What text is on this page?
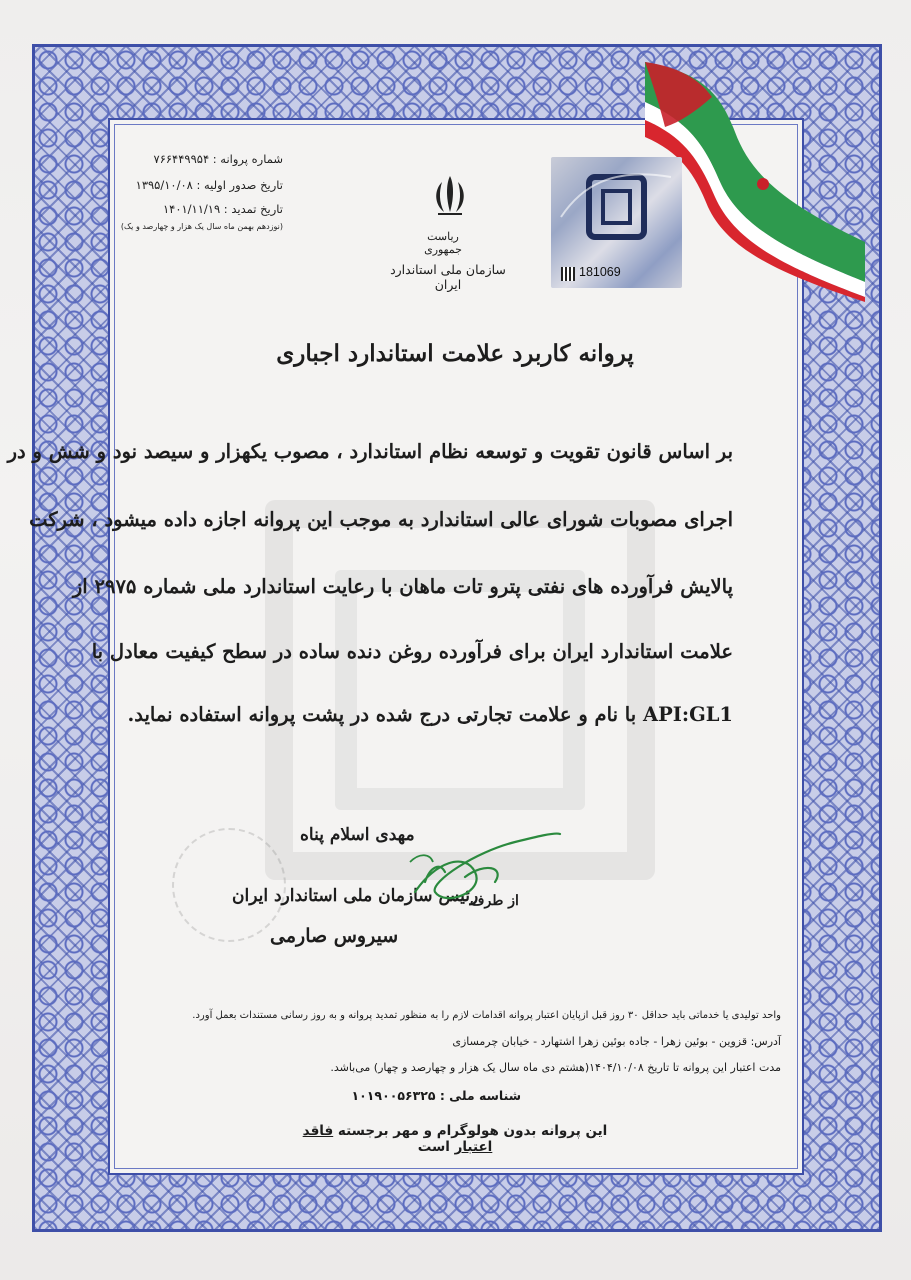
181069
ریاست جمهوری
سازمان ملی استاندارد ایران
شماره پروانه : ۷۶۶۴۴۹۹۵۴
تاریخ صدور اولیه : ۱۳۹۵/۱۰/۰۸
تاریخ تمدید : ۱۴۰۱/۱۱/۱۹
(نوزدهم بهمن ماه سال یک هزار و چهارصد و یک)
پروانه کاربرد علامت استاندارد اجباری
بر اساس قانون تقویت و توسعه نظام استاندارد ، مصوب یکهزار و سیصد نود و شش و در
اجرای مصوبات شورای عالی استاندارد به موجب این پروانه اجازه داده میشود ، شرکت
پالایش فرآورده های نفتی پترو تات ماهان با رعایت استاندارد ملی شماره ۲۹۷۵ از
علامت استاندارد ایران برای فرآورده روغن دنده ساده در سطح کیفیت معادل با
API:GL1 با نام و علامت تجارتی درج شده در پشت پروانه استفاده نماید.
مهدی اسلام پناه
از طرف
رئیس سازمان ملی استاندارد ایران
سیروس صارمی
واحد تولیدی یا خدماتی باید حداقل ۳۰ روز قبل ازپایان اعتبار پروانه اقدامات لازم را به منظور تمدید پروانه و به روز رسانی مستندات بعمل آورد.
آدرس: قزوین - بوئین زهرا - جاده بوئین زهرا اشتهارد - خیابان چرمسازی
مدت اعتبار این پروانه تا تاریخ ۱۴۰۴/۱۰/۰۸(هشتم دی ماه سال یک هزار و چهارصد و چهار) می‌باشد.
شناسه ملی : ۱۰۱۹۰۰۵۶۳۲۵
این پروانه بدون هولوگرام و مهر برجسته فاقد اعتبار است
